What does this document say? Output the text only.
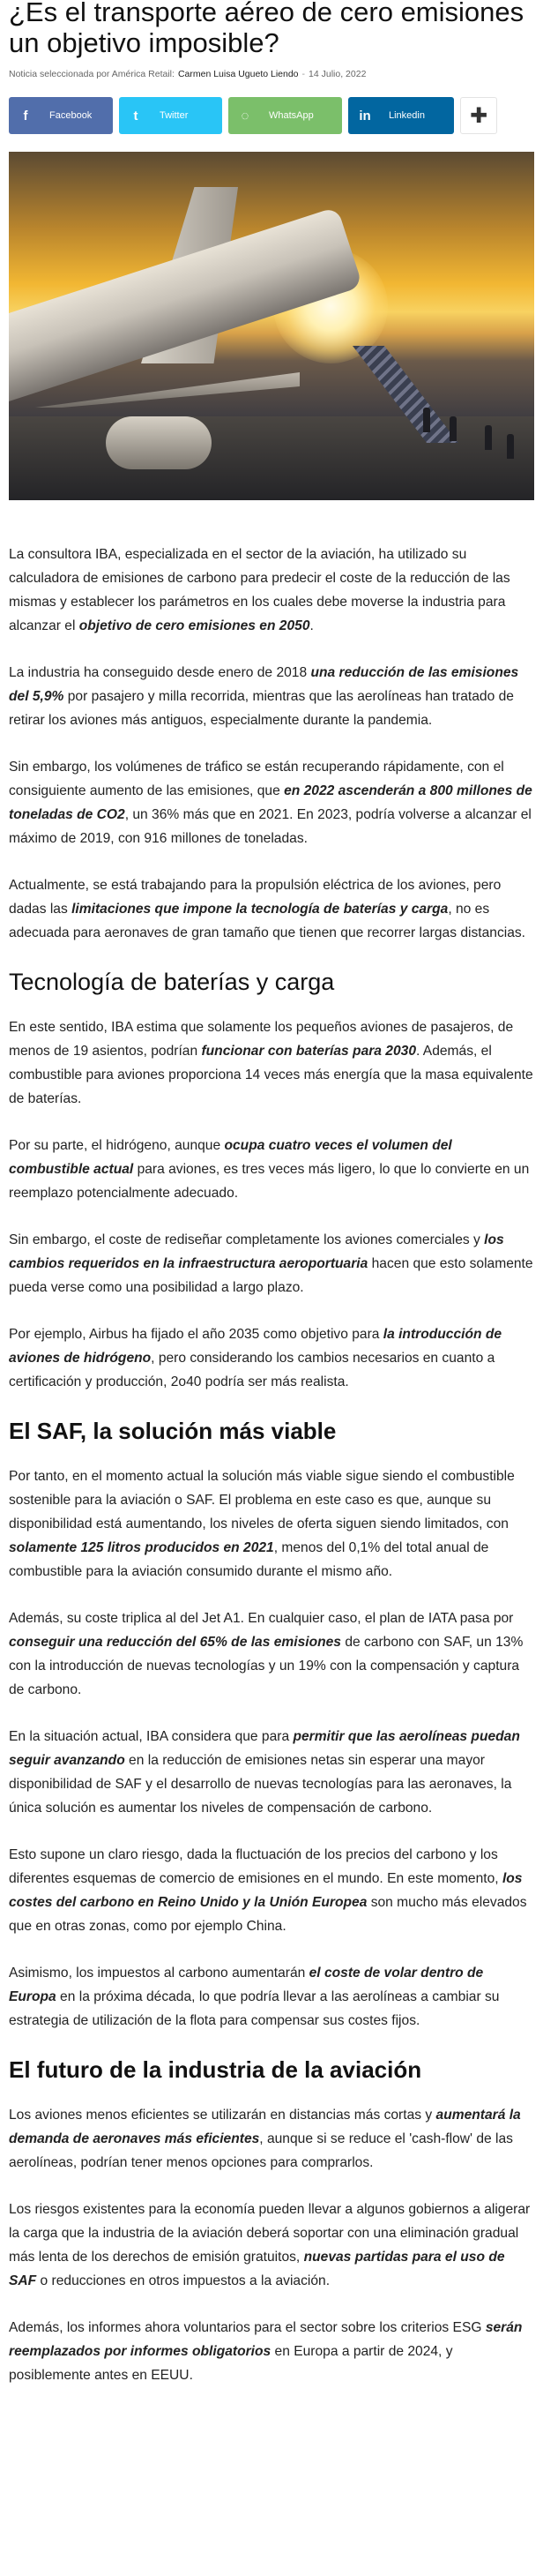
¿Es el transporte aéreo de cero emisiones un objetivo imposible?
Noticia seleccionada por América Retail: Carmen Luisa Ugueto Liendo - 14 Julio, 2022
f	Facebook	t	Twitter	◌	WhatsApp	in	Linkedin ✚

La consultora IBA, especializada en el sector de la aviación, ha utilizado su calculadora de emisiones de carbono para predecir el coste de la reducción de las mismas y establecer los parámetros en los cuales debe moverse la industria para alcanzar el objetivo de cero emisiones en 2050.

La industria ha conseguido desde enero de 2018 una reducción de las emisiones del 5,9% por pasajero y milla recorrida, mientras que las aerolíneas han tratado de retirar los aviones más antiguos, especialmente durante la pandemia.

Sin embargo, los volúmenes de tráfico se están recuperando rápidamente, con el consiguiente aumento de las emisiones, que en 2022 ascenderán a 800 millones de toneladas de CO2, un 36% más que en 2021. En 2023, podría volverse a alcanzar el máximo de 2019, con 916 millones de toneladas.

Actualmente, se está trabajando para la propulsión eléctrica de los aviones, pero dadas las limitaciones que impone la tecnología de baterías y carga, no es adecuada para aeronaves de gran tamaño que tienen que recorrer largas distancias.

Tecnología de baterías y carga

En este sentido, IBA estima que solamente los pequeños aviones de pasajeros, de menos de 19 asientos, podrían funcionar con baterías para 2030. Además, el combustible para aviones proporciona 14 veces más energía que la masa equivalente de baterías.

Por su parte, el hidrógeno, aunque ocupa cuatro veces el volumen del combustible actual para aviones, es tres veces más ligero, lo que lo convierte en un reemplazo potencialmente adecuado.

Sin embargo, el coste de rediseñar completamente los aviones comerciales y los cambios requeridos en la infraestructura aeroportuaria hacen que esto solamente pueda verse como una posibilidad a largo plazo.

Por ejemplo, Airbus ha fijado el año 2035 como objetivo para la introducción de aviones de hidrógeno, pero considerando los cambios necesarios en cuanto a certificación y producción, 2o40 podría ser más realista.

El SAF, la solución más viable

Por tanto, en el momento actual la solución más viable sigue siendo el combustible sostenible para la aviación o SAF. El problema en este caso es que, aunque su disponibilidad está aumentando, los niveles de oferta siguen siendo limitados, con solamente 125 litros producidos en 2021, menos del 0,1% del total anual de combustible para la aviación consumido durante el mismo año.

Además, su coste triplica al del Jet A1. En cualquier caso, el plan de IATA pasa por conseguir una reducción del 65% de las emisiones de carbono con SAF, un 13% con la introducción de nuevas tecnologías y un 19% con la compensación y captura de carbono.

En la situación actual, IBA considera que para permitir que las aerolíneas puedan seguir avanzando en la reducción de emisiones netas sin esperar una mayor disponibilidad de SAF y el desarrollo de nuevas tecnologías para las aeronaves, la única solución es aumentar los niveles de compensación de carbono.

Esto supone un claro riesgo, dada la fluctuación de los precios del carbono y los diferentes esquemas de comercio de emisiones en el mundo. En este momento, los costes del carbono en Reino Unido y la Unión Europea son mucho más elevados que en otras zonas, como por ejemplo China.

Asimismo, los impuestos al carbono aumentarán el coste de volar dentro de Europa en la próxima década, lo que podría llevar a las aerolíneas a cambiar su estrategia de utilización de la flota para compensar sus costes fijos.

El futuro de la industria de la aviación

Los aviones menos eficientes se utilizarán en distancias más cortas y aumentará la demanda de aeronaves más eficientes, aunque si se reduce el 'cash-flow' de las aerolíneas, podrían tener menos opciones para comprarlos.

Los riesgos existentes para la economía pueden llevar a algunos gobiernos a aligerar la carga que la industria de la aviación deberá soportar con una eliminación gradual más lenta de los derechos de emisión gratuitos, nuevas partidas para el uso de SAF o reducciones en otros impuestos a la aviación.

Además, los informes ahora voluntarios para el sector sobre los criterios ESG serán reemplazados por informes obligatorios en Europa a partir de 2024, y posiblemente antes en EEUU.
